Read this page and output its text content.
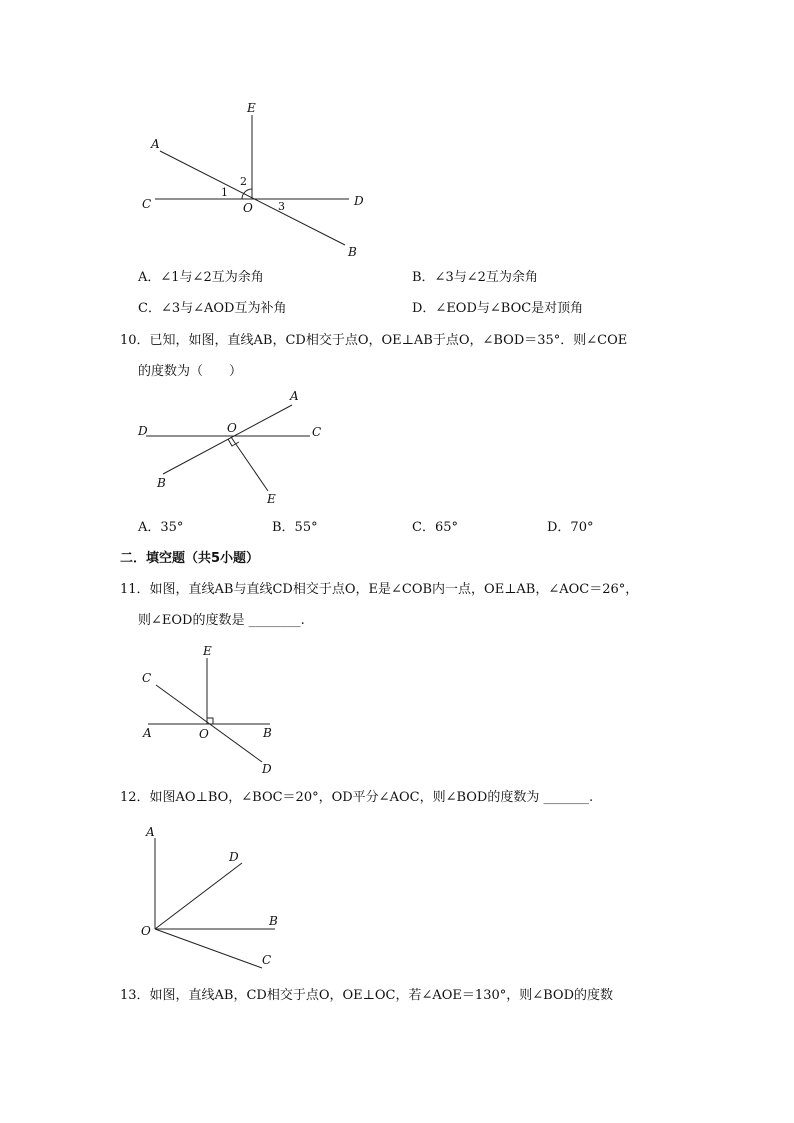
E
A
C	O	D
B
1
2
3
A．∠1与∠2互为余角	B．∠3与∠2互为余角
C．∠3与∠AOD互为补角	D．∠EOD与∠BOC是对顶角
10．已知，如图，直线AB，CD相交于点O，OE⊥AB于点O，∠BOD＝35°．则∠COE
的度数为（　　）
A
D	O	C
B
E
A．35°	B．55°	C．65°	D．70°
二．填空题（共5小题）
11．如图，直线AB与直线CD相交于点O，E是∠COB内一点，OE⊥AB，∠AOC＝26°，
则∠EOD的度数是 ________.
E
C
A	O	B
D
12．如图AO⊥BO，∠BOC＝20°，OD平分∠AOC，则∠BOD的度数为 _______.
A
D
B
O
C
13．如图，直线AB，CD相交于点O，OE⊥OC，若∠AOE＝130°，则∠BOD的度数
